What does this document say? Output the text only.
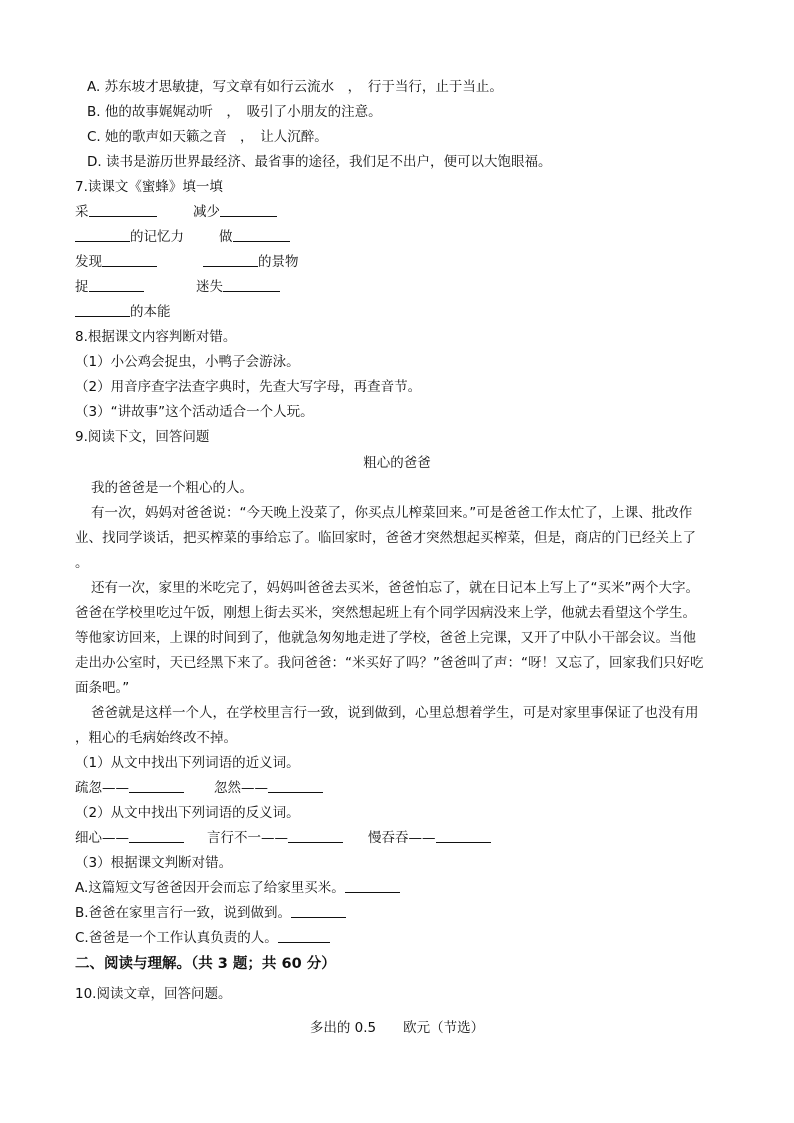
A. 苏东坡才思敏捷，写文章有如行云流水　，　行于当行，止于当止。
B. 他的故事娓娓动听　，　吸引了小朋友的注意。
C. 她的歌声如天籁之音　，　让人沉醉。
D. 读书是游历世界最经济、最省事的途径，我们足不出户，便可以大饱眼福。
7.读课文《蜜蜂》填一填
采	减少
的记忆力	做
发现	的景物
捉	迷失
的本能
8.根据课文内容判断对错。
（1）小公鸡会捉虫，小鸭子会游泳。
（2）用音序查字法查字典时，先查大写字母，再查音节。
（3）“讲故事”这个活动适合一个人玩。
9.阅读下文，回答问题
粗心的爸爸
我的爸爸是一个粗心的人。
有一次，妈妈对爸爸说：“今天晚上没菜了，你买点儿榨菜回来。”可是爸爸工作太忙了，上课、批改作
业、找同学谈话，把买榨菜的事给忘了。临回家时，爸爸才突然想起买榨菜，但是，商店的门已经关上了
。
还有一次，家里的米吃完了，妈妈叫爸爸去买米，爸爸怕忘了，就在日记本上写上了“买米”两个大字。
爸爸在学校里吃过午饭，刚想上街去买米，突然想起班上有个同学因病没来上学，他就去看望这个学生。
等他家访回来，上课的时间到了，他就急匆匆地走进了学校，爸爸上完课，又开了中队小干部会议。当他
走出办公室时，天已经黑下来了。我问爸爸：“米买好了吗？”爸爸叫了声：“呀！又忘了，回家我们只好吃
面条吧。”
爸爸就是这样一个人，在学校里言行一致，说到做到，心里总想着学生，可是对家里事保证了也没有用
，粗心的毛病始终改不掉。
（1）从文中找出下列词语的近义词。
疏忽——	忽然——
（2）从文中找出下列词语的反义词。
细心——	言行不一——	慢吞吞——
（3）根据课文判断对错。
A.这篇短文写爸爸因开会而忘了给家里买米。
B.爸爸在家里言行一致，说到做到。
C.爸爸是一个工作认真负责的人。
二、阅读与理解。（共 3 题；共 60 分）
10.阅读文章，回答问题。
多出的 0.5　　欧元（节选）
